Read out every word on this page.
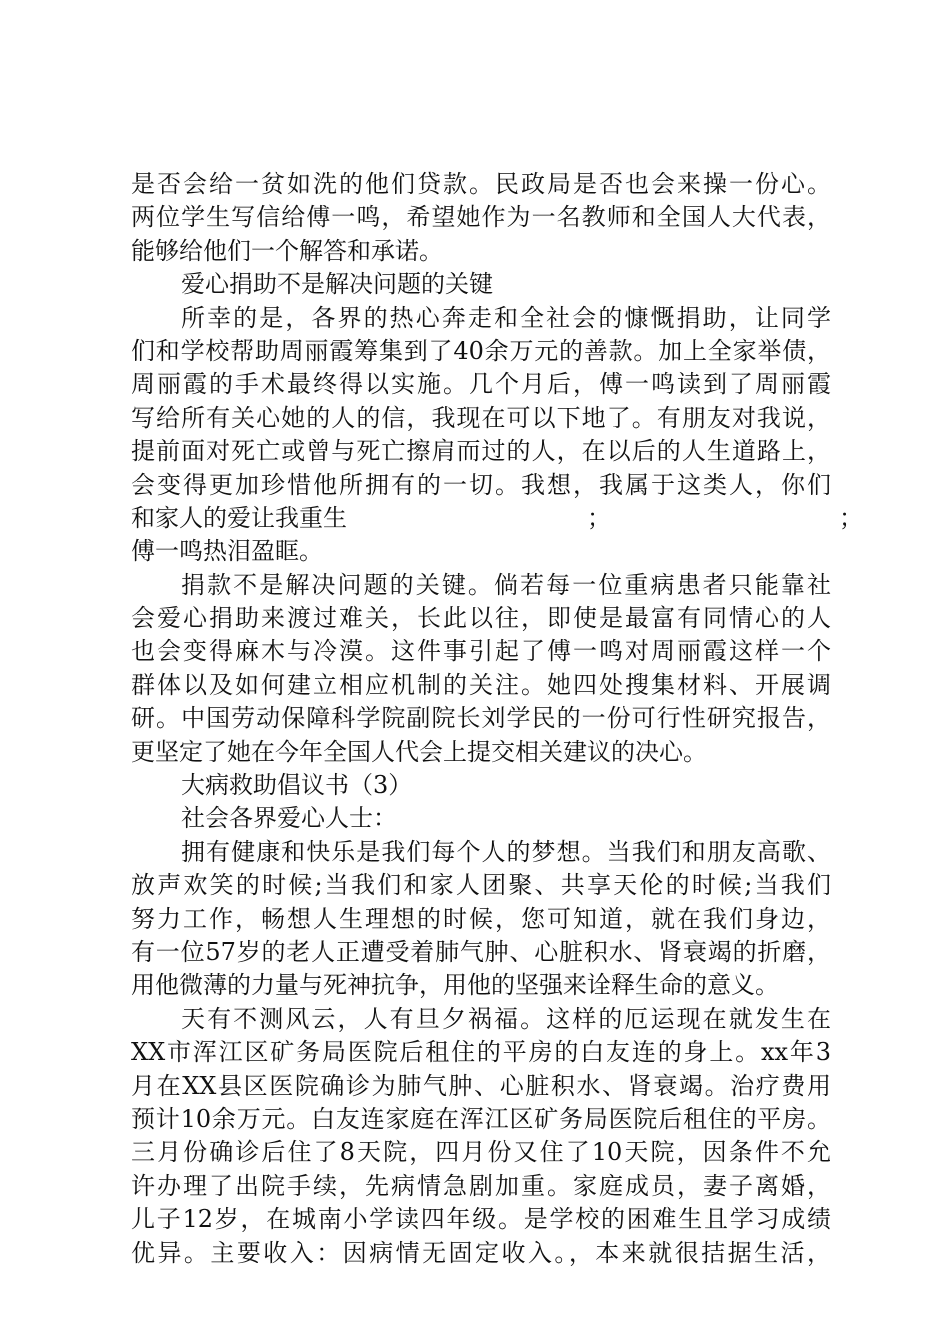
是否会给一贫如洗的他们贷款。民政局是否也会来操一份心。
两位学生写信给傅一鸣，希望她作为一名教师和全国人大代表，
能够给他们一个解答和承诺。
爱心捐助不是解决问题的关键
所幸的是，各界的热心奔走和全社会的慷慨捐助，让同学
们和学校帮助周丽霞筹集到了40余万元的善款。加上全家举债，
周丽霞的手术最终得以实施。几个月后，傅一鸣读到了周丽霞
写给所有关心她的人的信，我现在可以下地了。有朋友对我说，
提前面对死亡或曾与死亡擦肩而过的人，在以后的人生道路上，
会变得更加珍惜他所拥有的一切。我想，我属于这类人，你们
和家人的爱让我重生　　　　　　　　　　；　　　　　　　　　　；
傅一鸣热泪盈眶。
捐款不是解决问题的关键。倘若每一位重病患者只能靠社
会爱心捐助来渡过难关，长此以往，即使是最富有同情心的人
也会变得麻木与冷漠。这件事引起了傅一鸣对周丽霞这样一个
群体以及如何建立相应机制的关注。她四处搜集材料、开展调
研。中国劳动保障科学院副院长刘学民的一份可行性研究报告，
更坚定了她在今年全国人代会上提交相关建议的决心。
大病救助倡议书（3）
社会各界爱心人士：
拥有健康和快乐是我们每个人的梦想。当我们和朋友高歌、
放声欢笑的时候;当我们和家人团聚、共享天伦的时候;当我们
努力工作，畅想人生理想的时候，您可知道，就在我们身边，
有一位57岁的老人正遭受着肺气肿、心脏积水、肾衰竭的折磨，
用他微薄的力量与死神抗争，用他的坚强来诠释生命的意义。
天有不测风云，人有旦夕祸福。这样的厄运现在就发生在
XX市浑江区矿务局医院后租住的平房的白友连的身上。xx年3
月在XX县区医院确诊为肺气肿、心脏积水、肾衰竭。治疗费用
预计10余万元。白友连家庭在浑江区矿务局医院后租住的平房。
三月份确诊后住了8天院，四月份又住了10天院，因条件不允
许办理了出院手续，先病情急剧加重。家庭成员，妻子离婚，
儿子12岁，在城南小学读四年级。是学校的困难生且学习成绩
优异。主要收入：因病情无固定收入。，本来就很拮据生活，
